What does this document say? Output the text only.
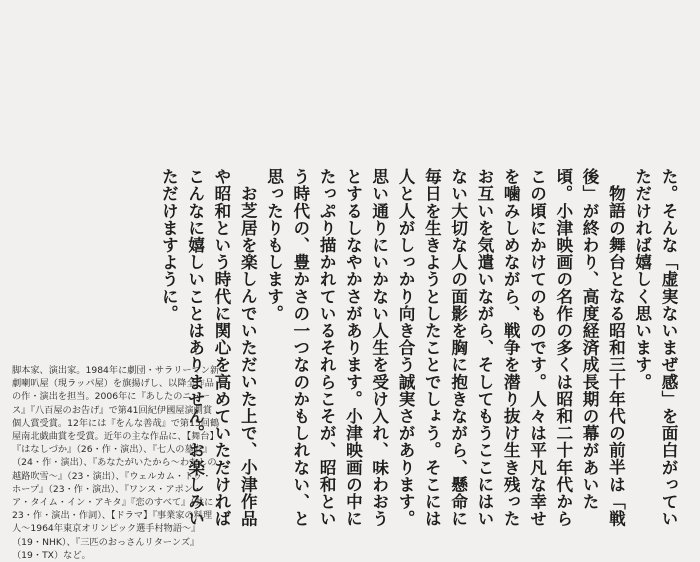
た。そんな「虚実ないまぜ感」を面白がっていただければ嬉しく思います。

物語の舞台となる昭和三十年代の前半は「戦後」が終わり、高度経済成長期の幕があいた頃。小津映画の名作の多くは昭和二十年代からこの頃にかけてのものです。人々は平凡な幸せを噛みしめながら、戦争を潜り抜け生き残ったお互いを気遣いながら、そしてもうここにはいない大切な人の面影を胸に抱きながら、懸命に毎日を生きようとしたことでしょう。そこには人と人がしっかり向き合う誠実さがあります。思い通りにいかない人生を受け入れ、味わおうとするしなやかさがあります。小津映画の中にたっぷり描かれているそれらこそが、昭和という時代の、豊かさの一つなのかもしれない、と思ったりもします。

お芝居を楽しんでいただいた上で、小津作品や昭和という時代に関心を高めていただければこんなに嬉しいことはありません。お楽しみいただけますように。

脚本家、演出家。1984年に劇団・サラリーマン新劇喇叭屋（現ラッパ屋）を旗揚げし、以降全作品の作・演出を担当。2006年に『あしたのニュース』『八百屋のお告げ』で第41回紀伊國屋演劇賞個人賞受賞。12年には『をんな善哉』で第15回鶴屋南北戯曲賞を受賞。近年の主な作品に、【舞台】『はなしづか』（26・作・演出）、『七人の墓友』（24・作・演出）、『あなたがいたから～わたしの越路吹雪～』（23・演出）、『ウェルカム・トゥ・ホープ』（23・作・演出）、『ワンス・アポン・ア・タイム・イン・アキタ』『恋のすべて』（共に23・作・演出・作詞）、【ドラマ】『事業家の料理人～1964年東京オリンピック選手村物語～』（19・NHK）、『三匹のおっさんリターンズ』（19・TX）など。
